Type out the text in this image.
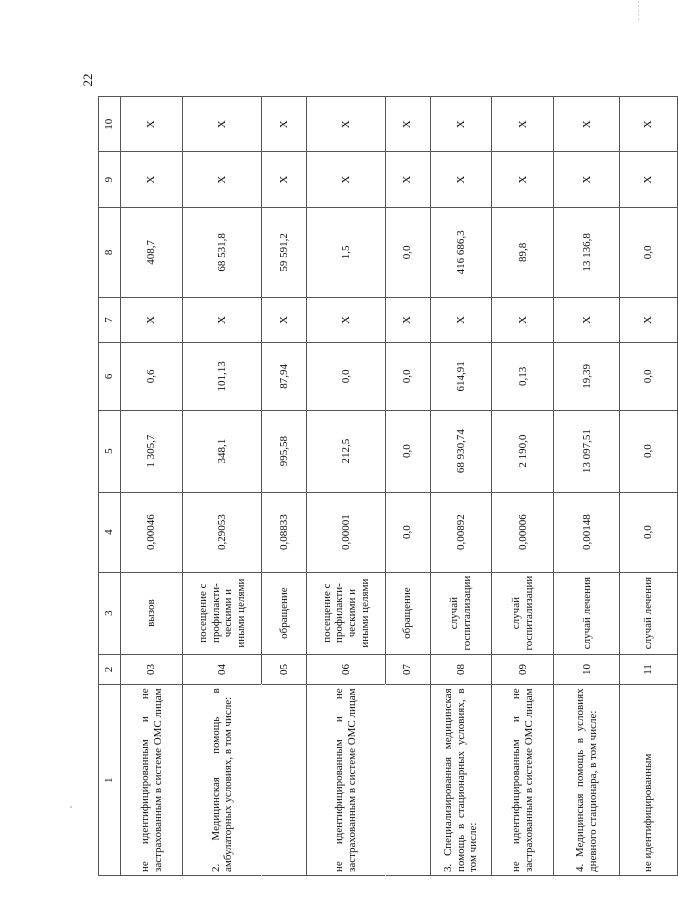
22
-----
1	2	3	4	5	6	7	8	9	10
не идентифицированным и не застрахованным в системе ОМС лицам	03	вызов	0,00046	1 305,7	0,6	Х	408,7	Х	Х
2. Медицинская помощь в амбулаторных условиях, в том числе:	04	посещение с профилакти- ческими и иными целями	0,29053	348,1	101,13	Х	68 531,8	Х	Х
	05	обращение	0,08833	995,58	87,94	Х	59 591,2	Х	Х
не идентифицированным и не застрахованным в системе ОМС лицам	06	посещение с профилакти- ческими и иными целями	0,00001	212,5	0,0	Х	1,5	Х	Х
	07	обращение	0,0	0,0	0,0	Х	0,0	Х	Х
3. Специализированная медицинская помощь в стационарных условиях, в том числе:	08	случай госпитализации	0,00892	68 930,74	614,91	Х	416 686,3	Х	Х
не идентифицированным и не застрахованным в системе ОМС лицам	09	случай госпитализации	0,00006	2 190,0	0,13	Х	89,8	Х	Х
4. Медицинская помощь в условиях дневного стационара, в том числе:	10	случай лечения	0,00148	13 097,51	19,39	Х	13 136,8	Х	Х
не идентифицированным	11	случай лечения	0,0	0,0	0,0	Х	0,0	Х	Х
